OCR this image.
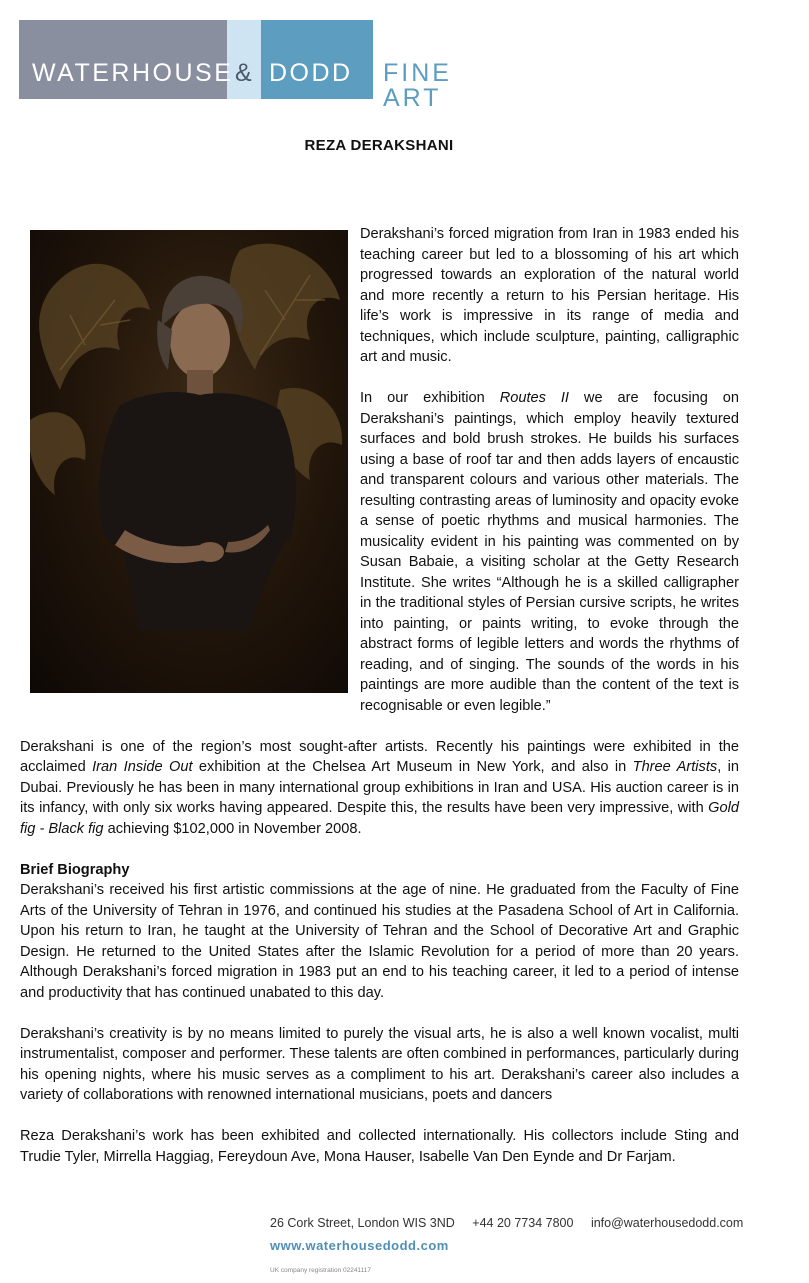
WATERHOUSE & DODD FINE ART
REZA DERAKSHANI

Derakshani’s forced migration from Iran in 1983 ended his teaching career but led to a blossoming of his art which progressed towards an exploration of the natural world and more recently a return to his Persian heritage. His life’s work is impressive in its range of media and techniques, which include sculpture, painting, calligraphic art and music.

In our exhibition Routes II we are focusing on Derakshani’s paintings, which employ heavily textured surfaces and bold brush strokes. He builds his surfaces using a base of roof tar and then adds layers of encaustic and transparent colours and various other materials. The resulting contrasting areas of luminosity and opacity evoke a sense of poetic rhythms and musical harmonies. The musicality evident in his painting was commented on by Susan Babaie, a visiting scholar at the Getty Research Institute. She writes “Although he is a skilled calligrapher in the traditional styles of Persian cursive scripts, he writes into painting, or paints writing, to evoke through the abstract forms of legible letters and words the rhythms of reading, and of singing. The sounds of the words in his paintings are more audible than the content of the text is recognisable or even legible.”

Derakshani is one of the region’s most sought-after artists. Recently his paintings were exhibited in the acclaimed Iran Inside Out exhibition at the Chelsea Art Museum in New York, and also in Three Artists, in Dubai. Previously he has been in many international group exhibitions in Iran and USA. His auction career is in its infancy, with only six works having appeared. Despite this, the results have been very impressive, with Gold fig - Black fig achieving $102,000 in November 2008.

Brief Biography
Derakshani’s received his first artistic commissions at the age of nine. He graduated from the Faculty of Fine Arts of the University of Tehran in 1976, and continued his studies at the Pasadena School of Art in California. Upon his return to Iran, he taught at the University of Tehran and the School of Decorative Art and Graphic Design. He returned to the United States after the Islamic Revolution for a period of more than 20 years. Although Derakshani’s forced migration in 1983 put an end to his teaching career, it led to a period of intense and productivity that has continued unabated to this day.

Derakshani’s creativity is by no means limited to purely the visual arts, he is also a well known vocalist, multi instrumentalist, composer and performer. These talents are often combined in performances, particularly during his opening nights, where his music serves as a compliment to his art. Derakshani’s career also includes a variety of collaborations with renowned international musicians, poets and dancers

Reza Derakshani’s work has been exhibited and collected internationally. His collectors include Sting and Trudie Tyler, Mirrella Haggiag, Fereydoun Ave, Mona Hauser, Isabelle Van Den Eynde and Dr Farjam.

26 Cork Street, London WIS 3ND +44 20 7734 7800 info@waterhousedodd.com
www.waterhousedodd.com
UK company registration 02241117
